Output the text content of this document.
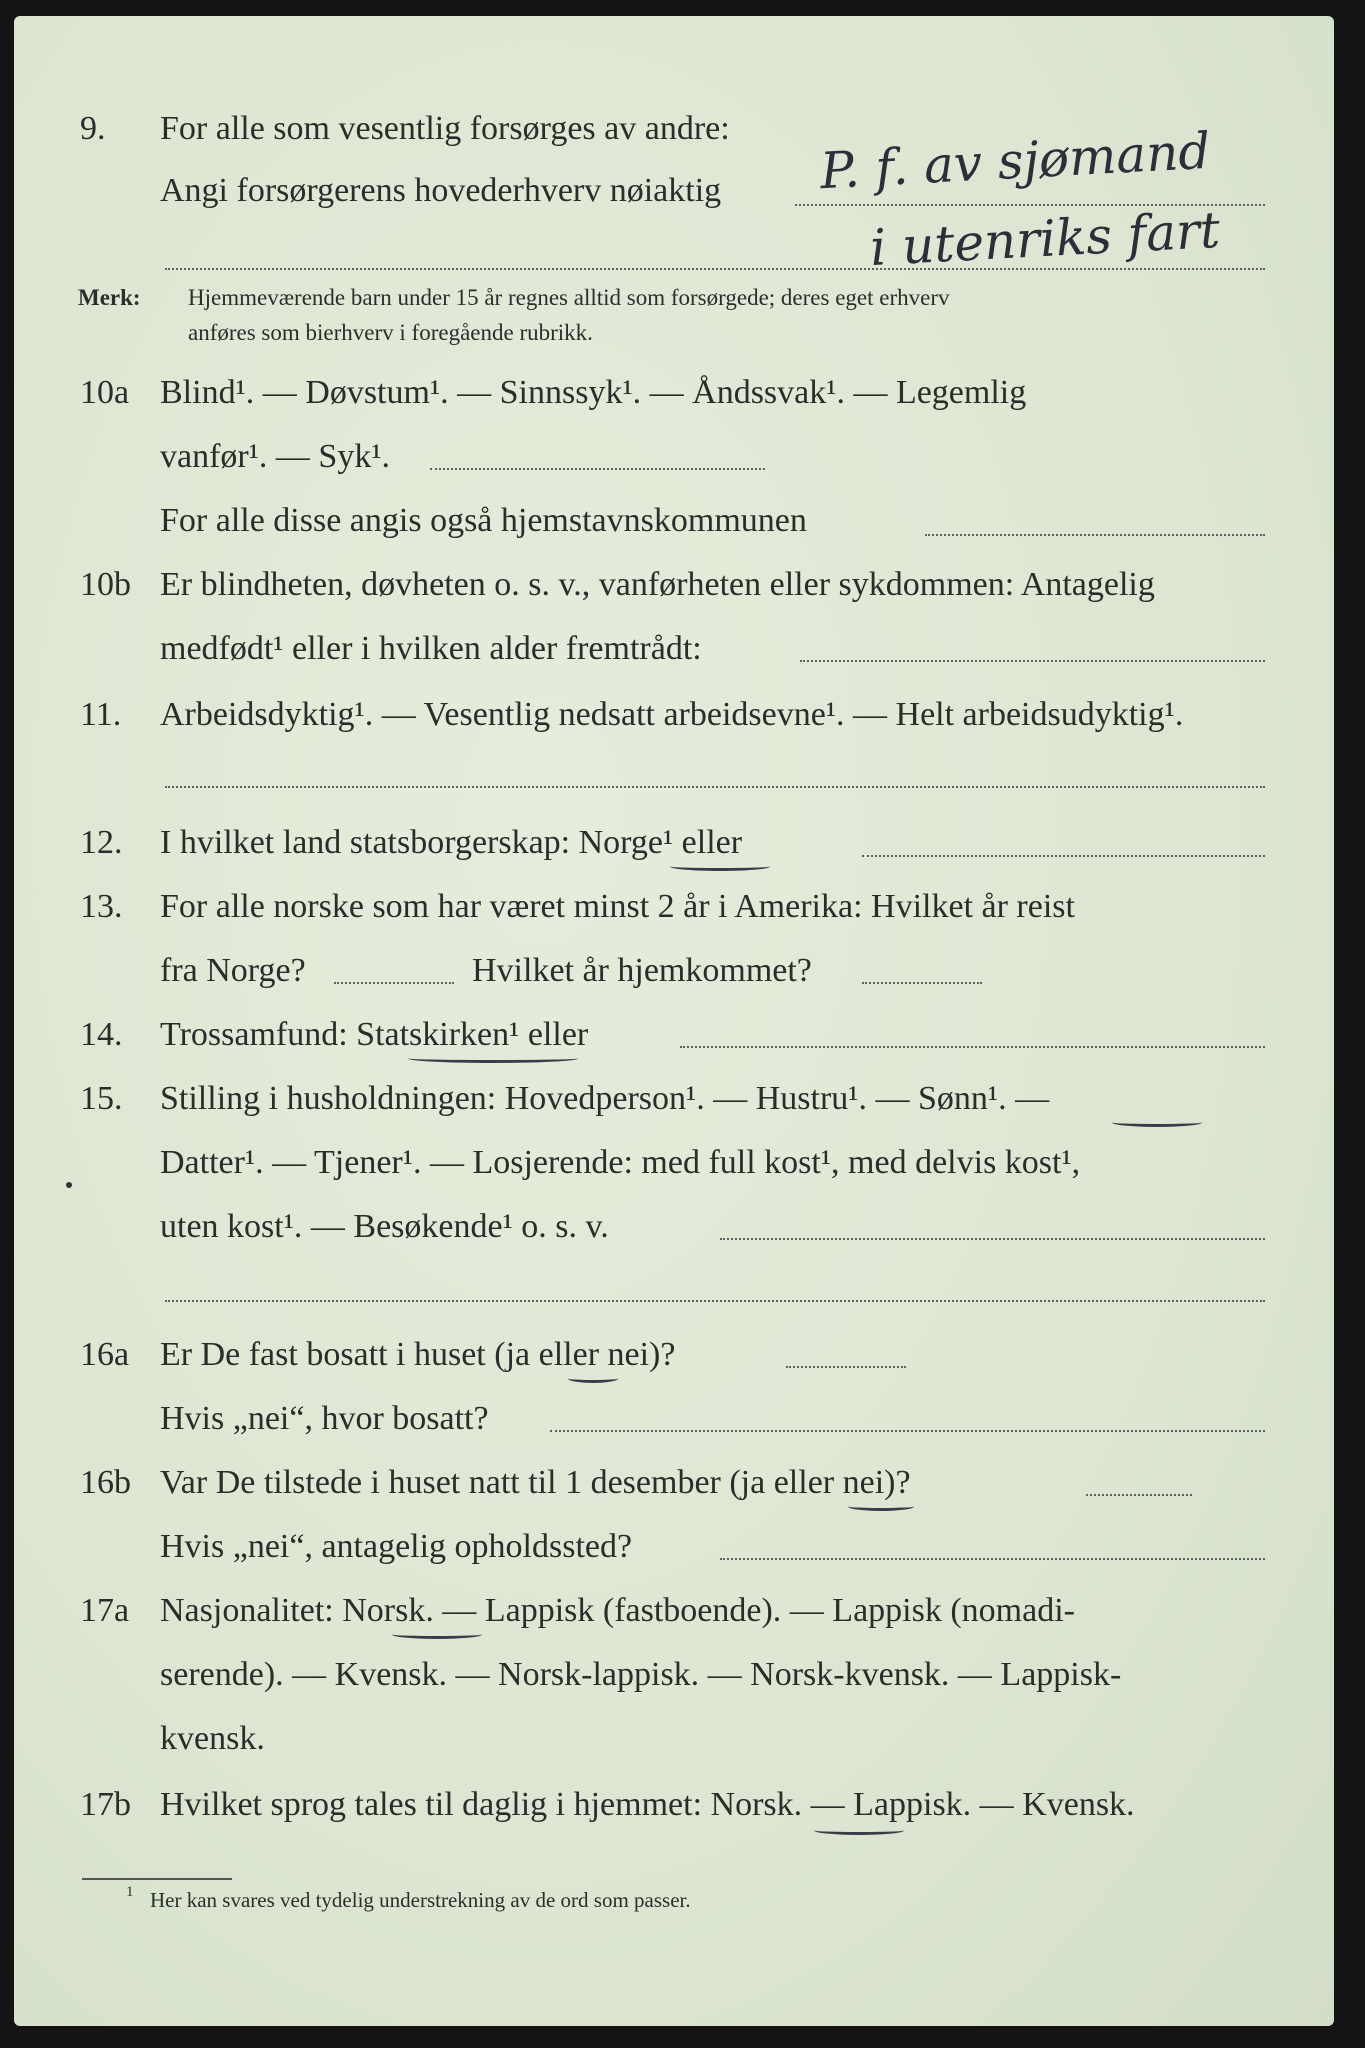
9. For alle som vesentlig forsørges av andre:
Angi forsørgerens hovederhverv nøiaktig P. f. av sjømand
i utenriks fart
Merk: Hjemmeværende barn under 15 år regnes alltid som forsørgede; deres eget erhverv
anføres som bierhverv i foregående rubrikk.
10a Blind¹. — Døvstum¹. — Sinnssyk¹. — Åndssvak¹. — Legemlig
vanfør¹. — Syk¹.
For alle disse angis også hjemstavnskommunen
10b Er blindheten, døvheten o. s. v., vanførheten eller sykdommen: Antagelig
medfødt¹ eller i hvilken alder fremtrådt:
11. Arbeidsdyktig¹. — Vesentlig nedsatt arbeidsevne¹. — Helt arbeidsudyktig¹.
12. I hvilket land statsborgerskap: Norge¹ eller
13. For alle norske som har været minst 2 år i Amerika: Hvilket år reist
fra Norge?	Hvilket år hjemkommet?
14. Trossamfund: Statskirken¹ eller
15. Stilling i husholdningen: Hovedperson¹. — Hustru¹. — Sønn¹. —
Datter¹. — Tjener¹. — Losjerende: med full kost¹, med delvis kost¹,
uten kost¹. — Besøkende¹ o. s. v.
16a Er De fast bosatt i huset (ja eller nei)?
Hvis „nei“, hvor bosatt?
16b Var De tilstede i huset natt til 1 desember (ja eller nei)?
Hvis „nei“, antagelig opholdssted?
17a Nasjonalitet: Norsk. — Lappisk (fastboende). — Lappisk (nomadi-
serende). — Kvensk. — Norsk-lappisk. — Norsk-kvensk. — Lappisk-
kvensk.
17b Hvilket sprog tales til daglig i hjemmet: Norsk. — Lappisk. — Kvensk.
1 Her kan svares ved tydelig understrekning av de ord som passer.
